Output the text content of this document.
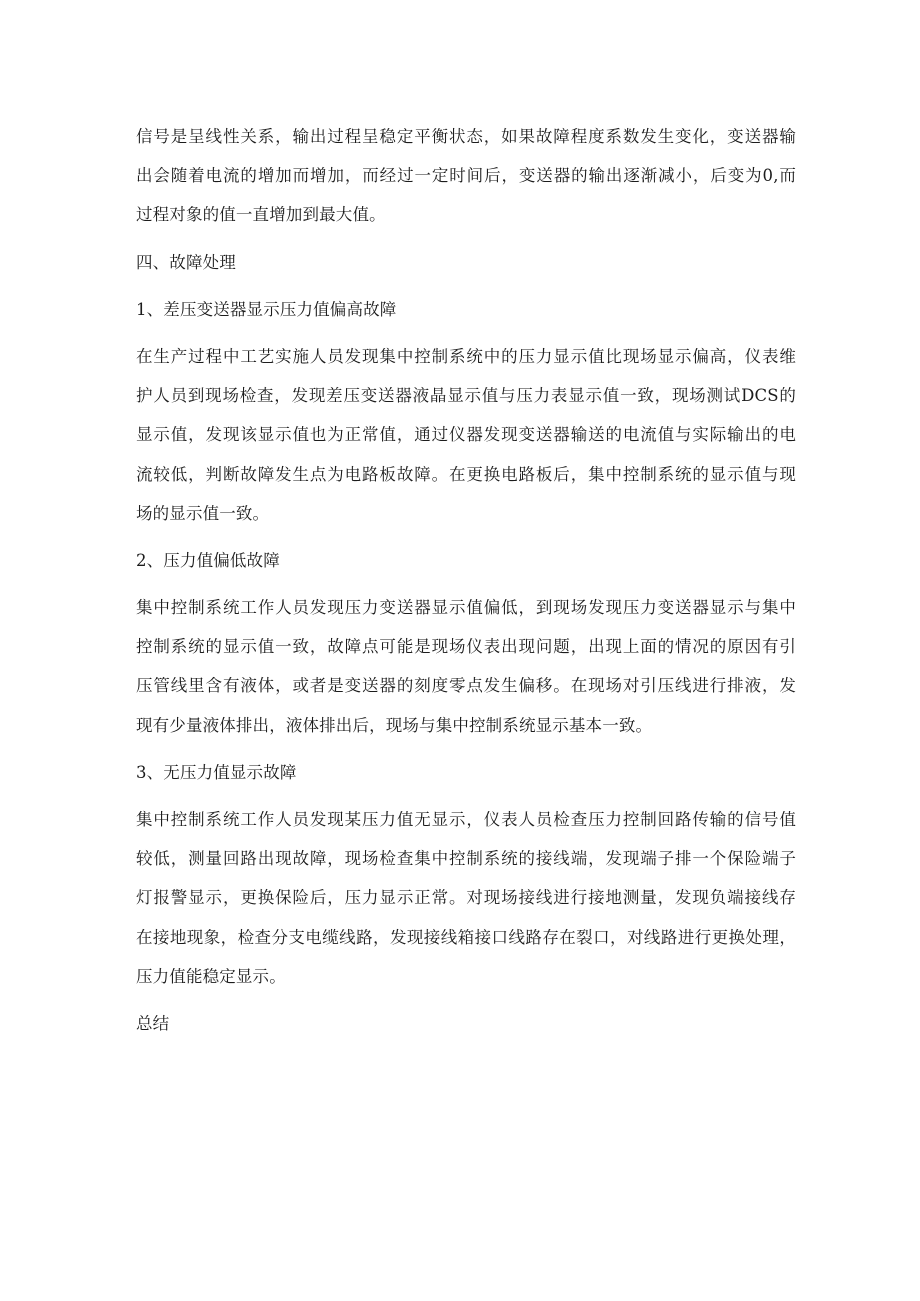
信号是呈线性关系，输出过程呈稳定平衡状态，如果故障程度系数发生变化，变送器输
出会随着电流的增加而增加，而经过一定时间后，变送器的输出逐渐减小，后变为0,而
过程对象的值一直增加到最大值。
四、故障处理
1、差压变送器显示压力值偏高故障
在生产过程中工艺实施人员发现集中控制系统中的压力显示值比现场显示偏高，仪表维
护人员到现场检查，发现差压变送器液晶显示值与压力表显示值一致，现场测试DCS的
显示值，发现该显示值也为正常值，通过仪器发现变送器输送的电流值与实际输出的电
流较低，判断故障发生点为电路板故障。在更换电路板后，集中控制系统的显示值与现
场的显示值一致。
2、压力值偏低故障
集中控制系统工作人员发现压力变送器显示值偏低，到现场发现压力变送器显示与集中
控制系统的显示值一致，故障点可能是现场仪表出现问题，出现上面的情况的原因有引
压管线里含有液体，或者是变送器的刻度零点发生偏移。在现场对引压线进行排液，发
现有少量液体排出，液体排出后，现场与集中控制系统显示基本一致。
3、无压力值显示故障
集中控制系统工作人员发现某压力值无显示，仪表人员检查压力控制回路传输的信号值
较低，测量回路出现故障，现场检查集中控制系统的接线端，发现端子排一个保险端子
灯报警显示，更换保险后，压力显示正常。对现场接线进行接地测量，发现负端接线存
在接地现象，检查分支电缆线路，发现接线箱接口线路存在裂口，对线路进行更换处理，
压力值能稳定显示。
总结
